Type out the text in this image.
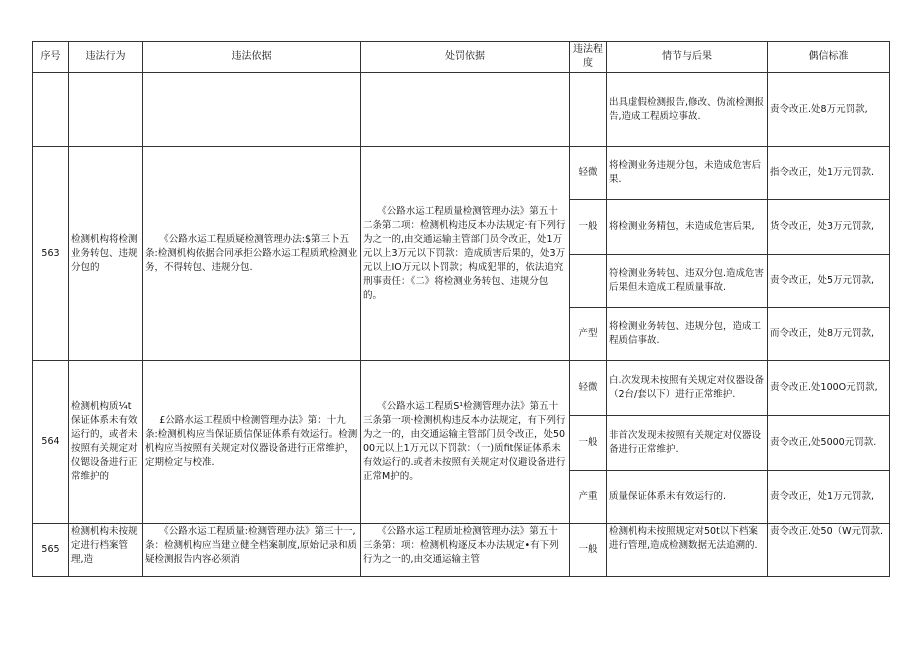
序号	违法行为	违法依据	处罚依据	违法程度	情节与后果	偶信标准
					出具虚假检测报告,修改、伪流检测报告,造成工程质垃事故.	责令改正.处8万元罚款,
563	检测机构将检测业务转包、违规分包的	《公路水运工程质疑检测管理办法:$第三卜五条:检测机构依据合同承拒公路水运工程质玳检测业务，不得转包、违规分包.	《公路水运工程质量检测管理办法》第五十二条第二项：检测机构违反本办法规定·有下列行为之一的,由交通运输主管部门员令改正，处1万元以上3万元以下罚款：造成质害后果的，处3万元以上IO万元以卜罚款；构成犯罪的，依法追究刑事责任：《二》将检测业务转包、违规分包的。	轻微	将检测业务违规分包，未造成危害后果.	指令改正，处1万元罚款.
				一般	将检测业务精包，未造成危害后果,	货令改正，处3万元罚款,
					符检测业务转包、违双分包.造成危害后果但未造成工程质量事故.	责令改正，处5万元罚款,
				产型	将检测业务转包、违规分包，造成工程质信事故.	而令改正，处8万元罚款,
564	检测机构质¼t保证体系未有效运行的，或者未按照有关规定对仪锶设备进行正常维护的	£公路水运工程质中检测管理办法》第：十九条:检测机构应当保证质信保证体系有效运行。检测机构应当按照有关规定对仪器设备进行正常维护，定期检定与校准.	《公路水运工程质S¹检测管理办法》第五十三条第一项·检测机构违反本办法规定，有下列行为之一的，由交通运输主管部门员令改正，处5000元以上1万元以下罚款：（一)质fit保证体系未有效运行的.或者未按照有关规定对仪避设备进行正常M护的。	轻微	白.次发现未按照有关规定对仪器设备（2台/套以下）进行正常维护.	责令改正.处100O元罚款,
				一般	非首次发现未按照有关规定对仪器设备进行正常维护.	责令改正,处5000元罚款.
				产重	质量保证体系未有效运行的.	责令改正，处1万元罚款,
565	检测机构未按规定进行档案管理,造	《公路水运工程质量:检测管理办法》第三十一,条：检测机构应当建立健全档案制度,原始记录和质疑检测报告内容必须消	《公路水运工程质址检测管理办法》第五十三条第：项：检测机构逐反本办法规定•有下列行为之一的,由交通运输主管	一般	检测机构未按照规定对50t以下档案进行管理,造成检测数据无法追溯的.	责令改正.处50（W元罚款.
